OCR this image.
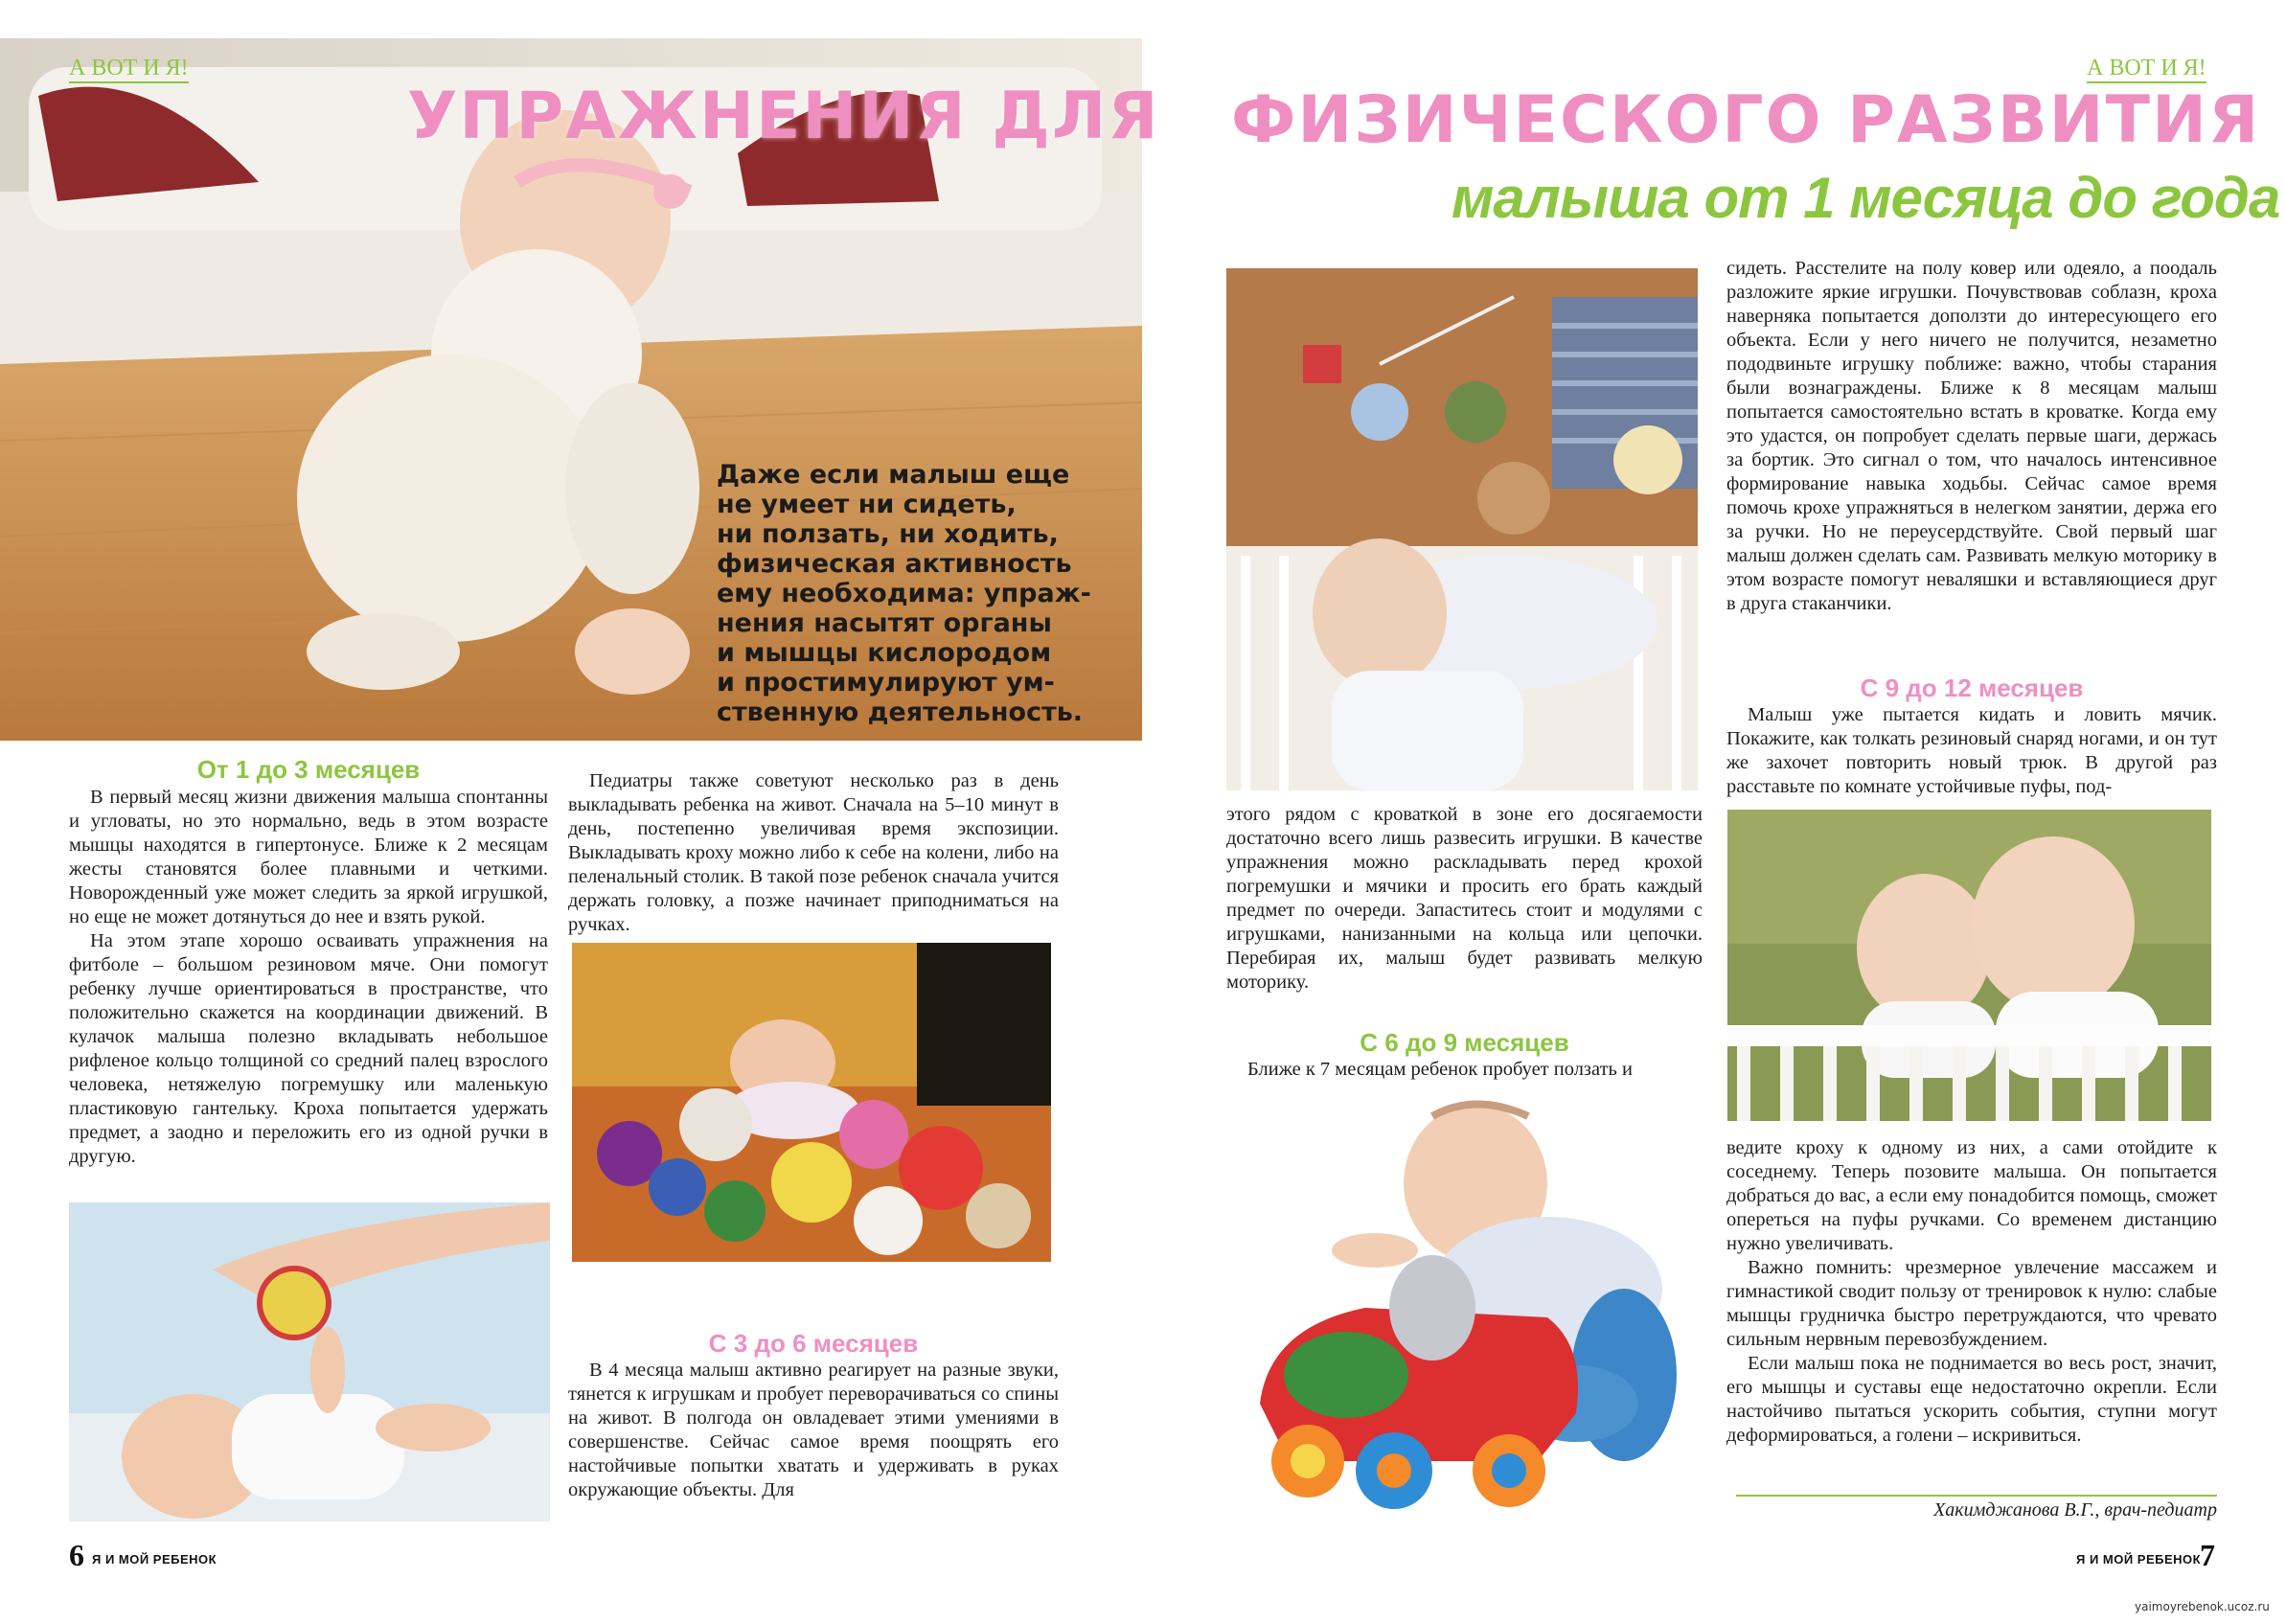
А ВОТ И Я!
УПРАЖНЕНИЯ ДЛЯ
Даже если малыш еще
не умеет ни сидеть,
ни ползать, ни ходить,
физическая активность
ему необходима: упраж-
нения насытят органы
и мышцы кислородом
и простимулируют ум-
ственную деятельность.
От 1 до 3 месяцев

В первый месяц жизни движения малыша спонтанны и угловаты, но это нормально, ведь в этом возрасте мышцы находятся в гипертонусе. Ближе к 2 месяцам жесты становятся более плавными и четкими. Новорожденный уже может следить за яркой игрушкой, но еще не может дотянуться до нее и взять рукой.

На этом этапе хорошо осваивать упражнения на фитболе – большом резиновом мяче. Они помогут ребенку лучше ориентироваться в пространстве, что положительно скажется на координации движений. В кулачок малыша полезно вкладывать небольшое рифленое кольцо толщиной со средний палец взрослого человека, нетяжелую погремушку или маленькую пластиковую гантельку. Кроха попытается удержать предмет, а заодно и переложить его из одной ручки в другую.

Педиатры также советуют несколько раз в день выкладывать ребенка на живот. Сначала на 5–10 минут в день, постепенно увеличивая время экспозиции. Выкладывать кроху можно либо к себе на колени, либо на пеленальный столик. В такой позе ребенок сначала учится держать головку, а позже начинает приподниматься на ручках.

С 3 до 6 месяцев

В 4 месяца малыш активно реагирует на разные звуки, тянется к игрушкам и пробует переворачиваться со спины на живот. В полгода он овладевает этими умениями в совершенстве. Сейчас самое время поощрять его настойчивые попытки хватать и удерживать в руках окружающие объекты. Для

6 Я И МОЙ РЕБЕНОК
А ВОТ И Я!
ФИЗИЧЕСКОГО РАЗВИТИЯ
малыша от 1 месяца до года

этого рядом с кроваткой в зоне его досягаемости достаточно всего лишь развесить игрушки. В качестве упражнения можно раскладывать перед крохой погремушки и мячики и просить его брать каждый предмет по очереди. Запаститесь стоит и модулями с игрушками, нанизанными на кольца или цепочки. Перебирая их, малыш будет развивать мелкую моторику.

С 6 до 9 месяцев

Ближе к 7 месяцам ребенок пробует ползать и

сидеть. Расстелите на полу ковер или одеяло, а поодаль разложите яркие игрушки. Почувствовав соблазн, кроха наверняка попытается доползти до интересующего его объекта. Если у него ничего не получится, незаметно пододвиньте игрушку поближе: важно, чтобы старания были вознаграждены. Ближе к 8 месяцам малыш попытается самостоятельно встать в кроватке. Когда ему это удастся, он попробует сделать первые шаги, держась за бортик. Это сигнал о том, что началось интенсивное формирование навыка ходьбы. Сейчас самое время помочь крохе упражняться в нелегком занятии, держа его за ручки. Но не переусердствуйте. Свой первый шаг малыш должен сделать сам. Развивать мелкую моторику в этом возрасте помогут неваляшки и вставляющиеся друг в друга стаканчики.

С 9 до 12 месяцев

Малыш уже пытается кидать и ловить мячик. Покажите, как толкать резиновый снаряд ногами, и он тут же захочет повторить новый трюк. В другой раз расставьте по комнате устойчивые пуфы, под-

ведите кроху к одному из них, а сами отойдите к соседнему. Теперь позовите малыша. Он попытается добраться до вас, а если ему понадобится помощь, сможет опереться на пуфы ручками. Со временем дистанцию нужно увеличивать.

Важно помнить: чрезмерное увлечение массажем и гимнастикой сводит пользу от тренировок к нулю: слабые мышцы грудничка быстро перетруждаются, что чревато сильным нервным перевозбуждением.

Если малыш пока не поднимается во весь рост, значит, его мышцы и суставы еще недостаточно окрепли. Если настойчиво пытаться ускорить события, ступни могут деформироваться, а голени – искривиться.

Хакимджанова В.Г., врач-педиатр
Я И МОЙ РЕБЕНОК
7
yaimoyrebenok.ucoz.ru
